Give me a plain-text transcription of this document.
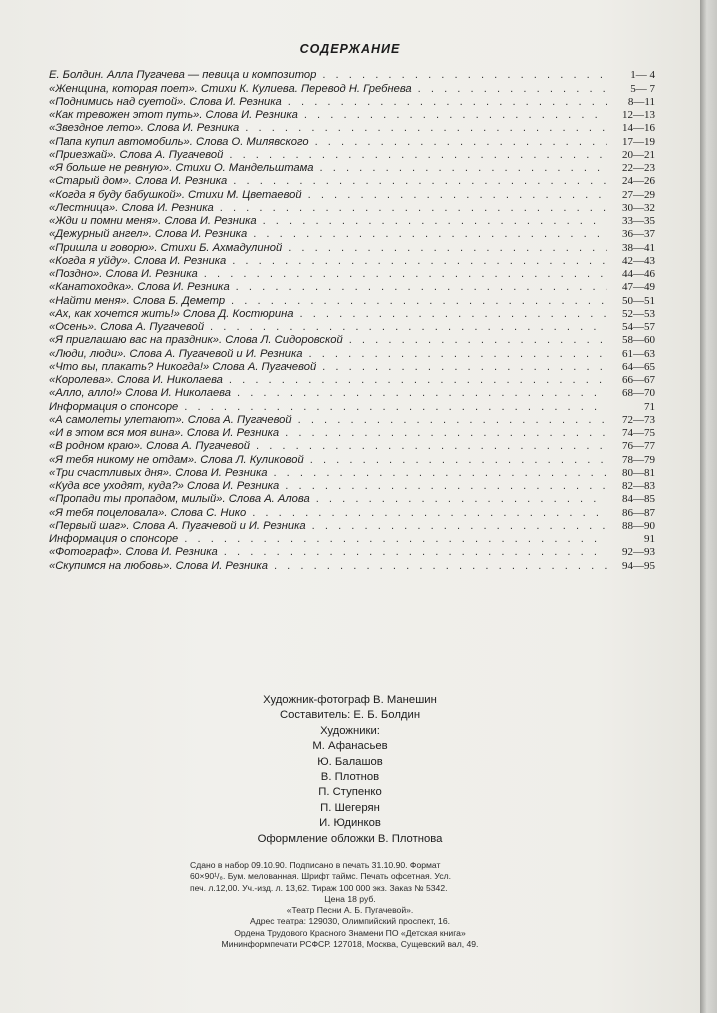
СОДЕРЖАНИЕ
Е. Болдин. Алла Пугачева — певица и композитор . . .	1— 4
«Женщина, которая поет». Стихи К. Кулиева. Перевод Н. Гребнева . . .	5— 7
«Поднимись над суетой». Слова И. Резника . . .	8—11
«Как тревожен этот путь». Слова И. Резника . . .	12—13
«Звездное лето». Слова И. Резника . . .	14—16
«Папа купил автомобиль». Слова О. Милявского . . .	17—19
«Приезжай». Слова А. Пугачевой . . .	20—21
«Я больше не ревную». Стихи О. Мандельштама . . .	22—23
«Старый дом». Слова И. Резника . . .	24—26
«Когда я буду бабушкой». Стихи М. Цветаевой . . .	27—29
«Лестница». Слова И. Резника . . .	30—32
«Жди и помни меня». Слова И. Резника . . .	33—35
«Дежурный ангел». Слова И. Резника . . .	36—37
«Пришла и говорю». Стихи Б. Ахмадулиной . . .	38—41
«Когда я уйду». Слова И. Резника . . .	42—43
«Поздно». Слова И. Резника . . .	44—46
«Канатоходка». Слова И. Резника . . .	47—49
«Найти меня». Слова Б. Деметр . . .	50—51
«Ах, как хочется жить!» Слова Д. Костюрина . . .	52—53
«Осень». Слова А. Пугачевой . . .	54—57
«Я приглашаю вас на праздник». Слова Л. Сидоровской . . .	58—60
«Люди, люди». Слова А. Пугачевой и И. Резника . . .	61—63
«Что вы, плакать? Никогда!» Слова А. Пугачевой . . .	64—65
«Королева». Слова И. Николаева . . .	66—67
«Алло, алло!» Слова И. Николаева . . .	68—70
Информация о спонсоре . . .	71
«А самолеты улетают». Слова А. Пугачевой . . .	72—73
«И в этом вся моя вина». Слова И. Резника . . .	74—75
«В родном краю». Слова А. Пугачевой . . .	76—77
«Я тебя никому не отдам». Слова Л. Куликовой . . .	78—79
«Три счастливых дня». Слова И. Резника . . .	80—81
«Куда все уходят, куда?» Слова И. Резника . . .	82—83
«Пропади ты пропадом, милый». Слова А. Алова . . .	84—85
«Я тебя поцеловала». Слова С. Нико . . .	86—87
«Первый шаг». Слова А. Пугачевой и И. Резника . . .	88—90
Информация о спонсоре . . .	91
«Фотограф». Слова И. Резника . . .	92—93
«Скупимся на любовь». Слова И. Резника . . .	94—95
Художник-фотограф В. Манешин
Составитель: Е. Б. Болдин
Художники:
М. Афанасьев
Ю. Балашов
В. Плотнов
П. Ступенко
П. Шегерян
И. Юдинков
Оформление обложки В. Плотнова
Сдано в набор 09.10.90. Подписано в печать 31.10.90. Формат
60×90¹/₈. Бум. мелованная. Шрифт таймс. Печать офсетная. Усл.
печ. л.12,00. Уч.-изд. л. 13,62. Тираж 100 000 экз. Заказ № 5342.
Цена 18 руб.
«Театр Песни А. Б. Пугачевой».
Адрес театра: 129030, Олимпийский проспект, 16.
Ордена Трудового Красного Знамени ПО «Детская книга»
Мининформпечати РСФСР. 127018, Москва, Сущевский вал, 49.
